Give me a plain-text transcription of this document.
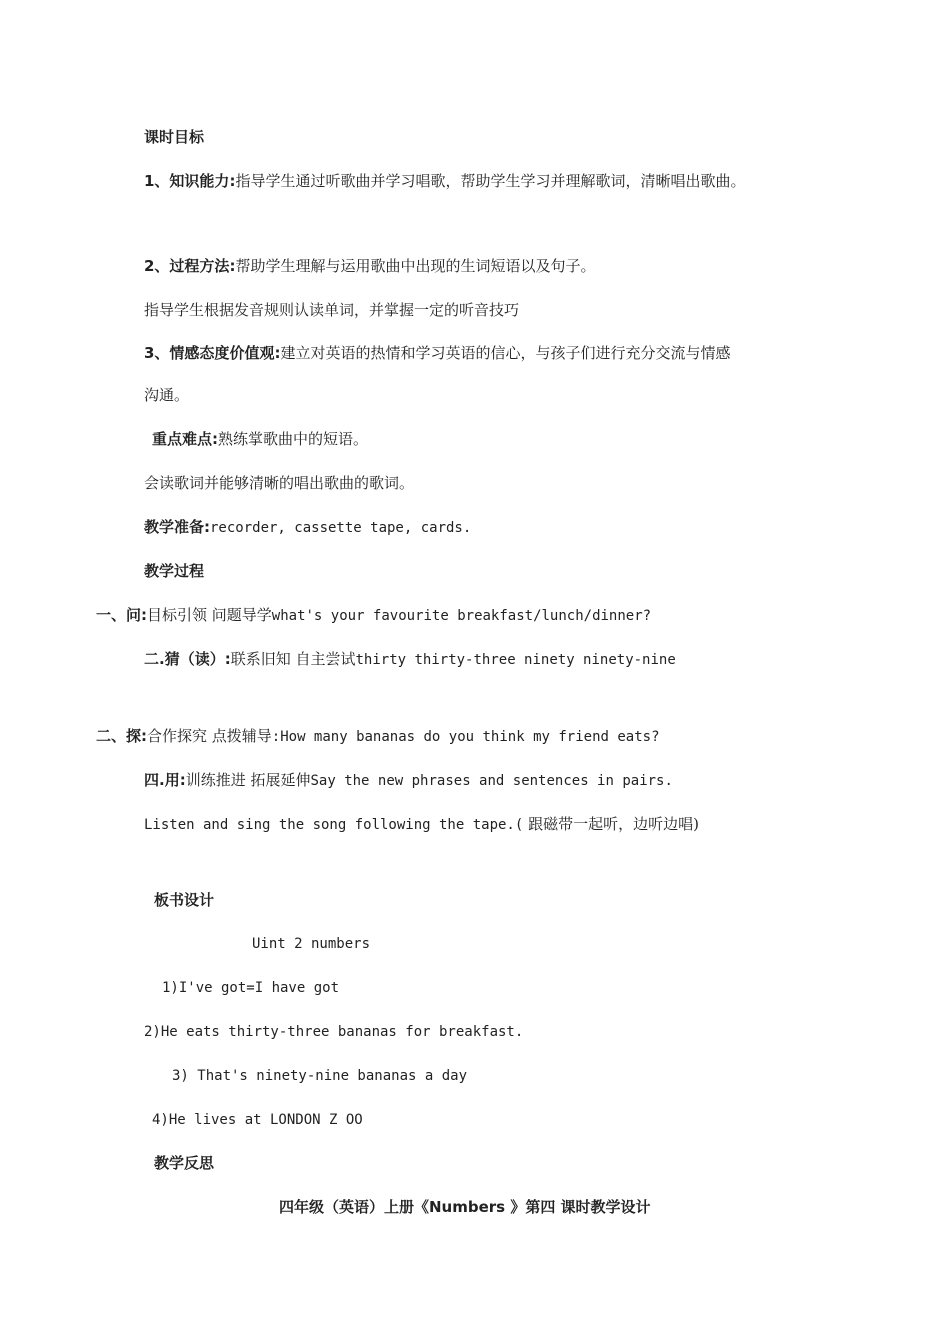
课时目标
1、知识能力:指导学生通过听歌曲并学习唱歌，帮助学生学习并理解歌词，清晰唱出歌曲。
2、过程方法:帮助学生理解与运用歌曲中出现的生词短语以及句子。
指导学生根据发音规则认读单词，并掌握一定的听音技巧
3、情感态度价值观:建立对英语的热情和学习英语的信心，与孩子们进行充分交流与情感
沟通。
重点难点:熟练掌歌曲中的短语。
会读歌词并能够清晰的唱出歌曲的歌词。
教学准备:recorder, cassette tape, cards.
教学过程
一、问:目标引领 问题导学what's your favourite breakfast/lunch/dinner?
二.猜（读）:联系旧知 自主尝试thirty thirty-three ninety ninety-nine
二、探:合作探究 点拨辅导:How many bananas do you think my friend eats?
四.用:训练推进 拓展延伸Say the new phrases and sentences in pairs.
Listen and sing the song following the tape.( 跟磁带一起听，边听边唱)
板书设计
Uint 2 numbers
1)I've got=I have got
2)He eats thirty-three bananas for breakfast.
3) That's ninety-nine bananas a day
4)He lives at LONDON Z OO
教学反思
四年级（英语）上册《Numbers 》第四 课时教学设计
